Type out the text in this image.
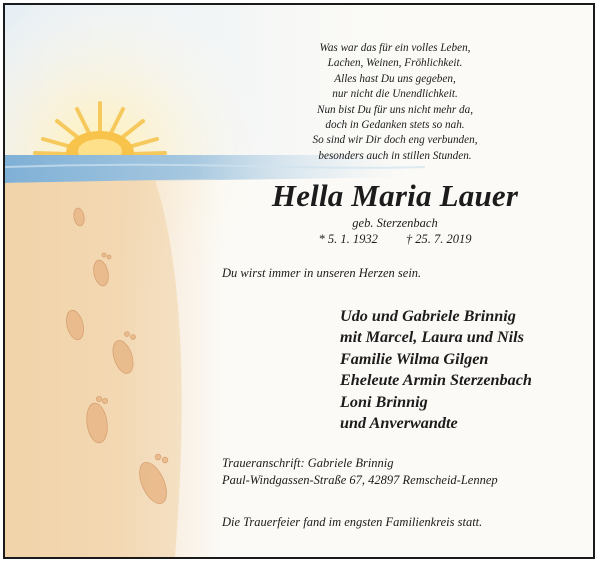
Was war das für ein volles Leben,
Lachen, Weinen, Fröhlichkeit.
Alles hast Du uns gegeben,
nur nicht die Unendlichkeit.
Nun bist Du für uns nicht mehr da,
doch in Gedanken stets so nah.
So sind wir Dir doch eng verbunden,
besonders auch in stillen Stunden.
Hella Maria Lauer
geb. Sterzenbach
* 5. 1. 1932 † 25. 7. 2019
Du wirst immer in unseren Herzen sein.
Udo und Gabriele Brinnig
mit Marcel, Laura und Nils
Familie Wilma Gilgen
Eheleute Armin Sterzenbach
Loni Brinnig
und Anverwandte
Traueranschrift: Gabriele Brinnig
Paul-Windgassen-Straße 67, 42897 Remscheid-Lennep
Die Trauerfeier fand im engsten Familienkreis statt.
